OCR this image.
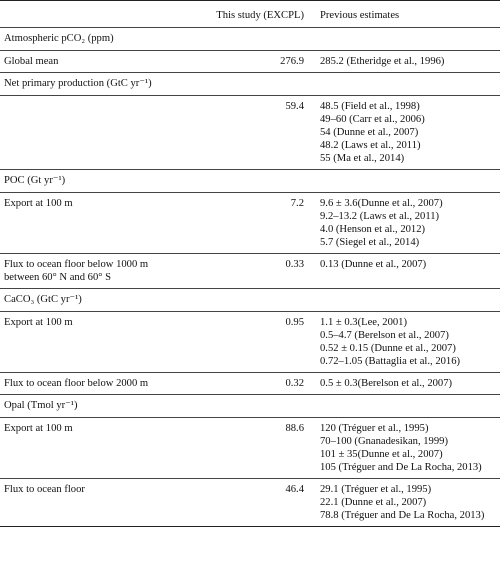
	This study (EXCPL)	Previous estimates
Atmospheric pCO₂ (ppm)		

Global mean	276.9	285.2 (Etheridge et al., 1996)

Net primary production (GtC yr⁻¹)		

	59.4	48.5 (Field et al., 1998)
49–60 (Carr et al., 2006)
54 (Dunne et al., 2007)
48.2 (Laws et al., 2011)
55 (Ma et al., 2014)

POC (Gt yr⁻¹)		

Export at 100 m	7.2	9.6 ± 3.6(Dunne et al., 2007)
9.2–13.2 (Laws et al., 2011)
4.0 (Henson et al., 2012)
5.7 (Siegel et al., 2014)

Flux to ocean floor below 1000 m
between 60° N and 60° S	0.33	0.13 (Dunne et al., 2007)

CaCO₃ (GtC yr⁻¹)		

Export at 100 m	0.95	1.1 ± 0.3(Lee, 2001)
0.5–4.7 (Berelson et al., 2007)
0.52 ± 0.15 (Dunne et al., 2007)
0.72–1.05 (Battaglia et al., 2016)

Flux to ocean floor below 2000 m	0.32	0.5 ± 0.3(Berelson et al., 2007)

Opal (Tmol yr⁻¹)		

Export at 100 m	88.6	120 (Tréguer et al., 1995)
70–100 (Gnanadesikan, 1999)
101 ± 35(Dunne et al., 2007)
105 (Tréguer and De La Rocha, 2013)

Flux to ocean floor	46.4	29.1 (Tréguer et al., 1995)
22.1 (Dunne et al., 2007)
78.8 (Tréguer and De La Rocha, 2013)
